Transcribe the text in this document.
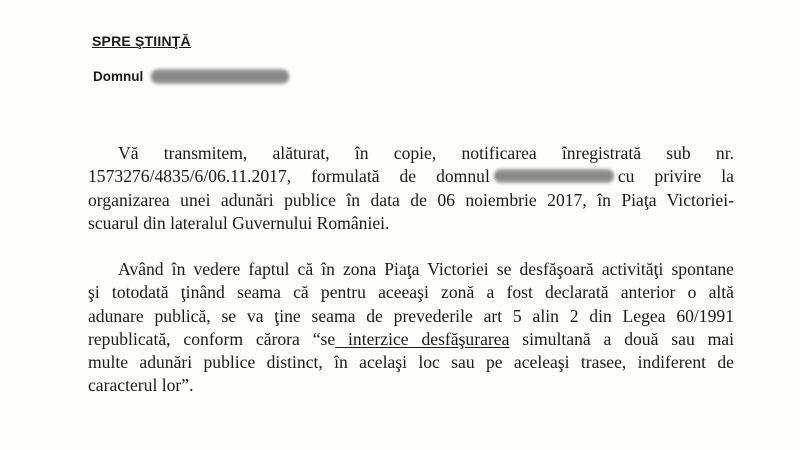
SPRE ŞTIINŢĂ
Domnul
Vă transmitem, alăturat, în copie, notificarea înregistrată sub nr.
1573276/4835/6/06.11.2017, formulată de domnul	cu privire la
organizarea unei adunări publice în data de 06 noiembrie 2017, în Piaţa Victoriei-
scuarul din lateralul Guvernului României.
Având în vedere faptul că în zona Piaţa Victoriei se desfăşoară activităţi spontane
şi totodată ţinând seama că pentru aceeaşi zonă a fost declarată anterior o altă
adunare publică, se va ţine seama de prevederile art 5 alin 2 din Legea 60/1991
republicată, conform cărora “se interzice desfăşurarea simultană a două sau mai
multe adunări publice distinct, în acelaşi loc sau pe aceleaşi trasee, indiferent de
caracterul lor”.
